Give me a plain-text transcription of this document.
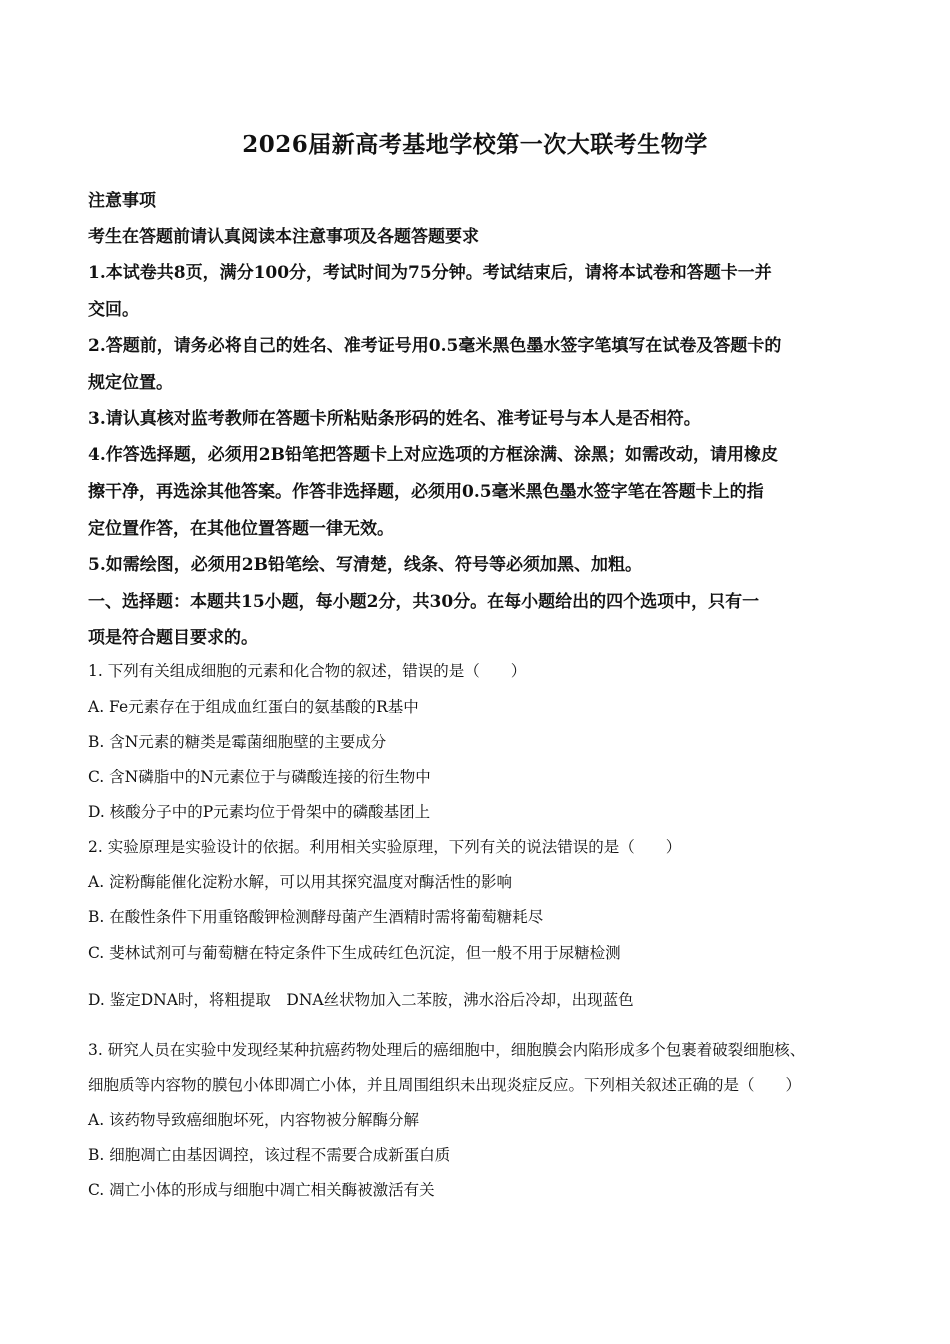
2026届新高考基地学校第一次大联考生物学
注意事项
考生在答题前请认真阅读本注意事项及各题答题要求
1.本试卷共8页，满分100分，考试时间为75分钟。考试结束后，请将本试卷和答题卡一并
交回。
2.答题前，请务必将自己的姓名、准考证号用0.5毫米黑色墨水签字笔填写在试卷及答题卡的
规定位置。
3.请认真核对监考教师在答题卡所粘贴条形码的姓名、准考证号与本人是否相符。
4.作答选择题，必须用2B铅笔把答题卡上对应选项的方框涂满、涂黑；如需改动，请用橡皮
擦干净，再选涂其他答案。作答非选择题，必须用0.5毫米黑色墨水签字笔在答题卡上的指
定位置作答，在其他位置答题一律无效。
5.如需绘图，必须用2B铅笔绘、写清楚，线条、符号等必须加黑、加粗。
一、选择题：本题共15小题，每小题2分，共30分。在每小题给出的四个选项中，只有一
项是符合题目要求的。
1. 下列有关组成细胞的元素和化合物的叙述，错误的是（　　）
A. Fe元素存在于组成血红蛋白的氨基酸的R基中
B. 含N元素的糖类是霉菌细胞壁的主要成分
C. 含N磷脂中的N元素位于与磷酸连接的衍生物中
D. 核酸分子中的P元素均位于骨架中的磷酸基团上
2. 实验原理是实验设计的依据。利用相关实验原理，下列有关的说法错误的是（　　）
A. 淀粉酶能催化淀粉水解，可以用其探究温度对酶活性的影响
B. 在酸性条件下用重铬酸钾检测酵母菌产生酒精时需将葡萄糖耗尽
C. 斐林试剂可与葡萄糖在特定条件下生成砖红色沉淀，但一般不用于尿糖检测
D. 鉴定DNA时，将粗提取　DNA丝状物加入二苯胺，沸水浴后冷却，出现蓝色
3. 研究人员在实验中发现经某种抗癌药物处理后的癌细胞中，细胞膜会内陷形成多个包裹着破裂细胞核、
细胞质等内容物的膜包小体即凋亡小体，并且周围组织未出现炎症反应。下列相关叙述正确的是（　　）
A. 该药物导致癌细胞坏死，内容物被分解酶分解
B. 细胞凋亡由基因调控，该过程不需要合成新蛋白质
C. 凋亡小体的形成与细胞中凋亡相关酶被激活有关
